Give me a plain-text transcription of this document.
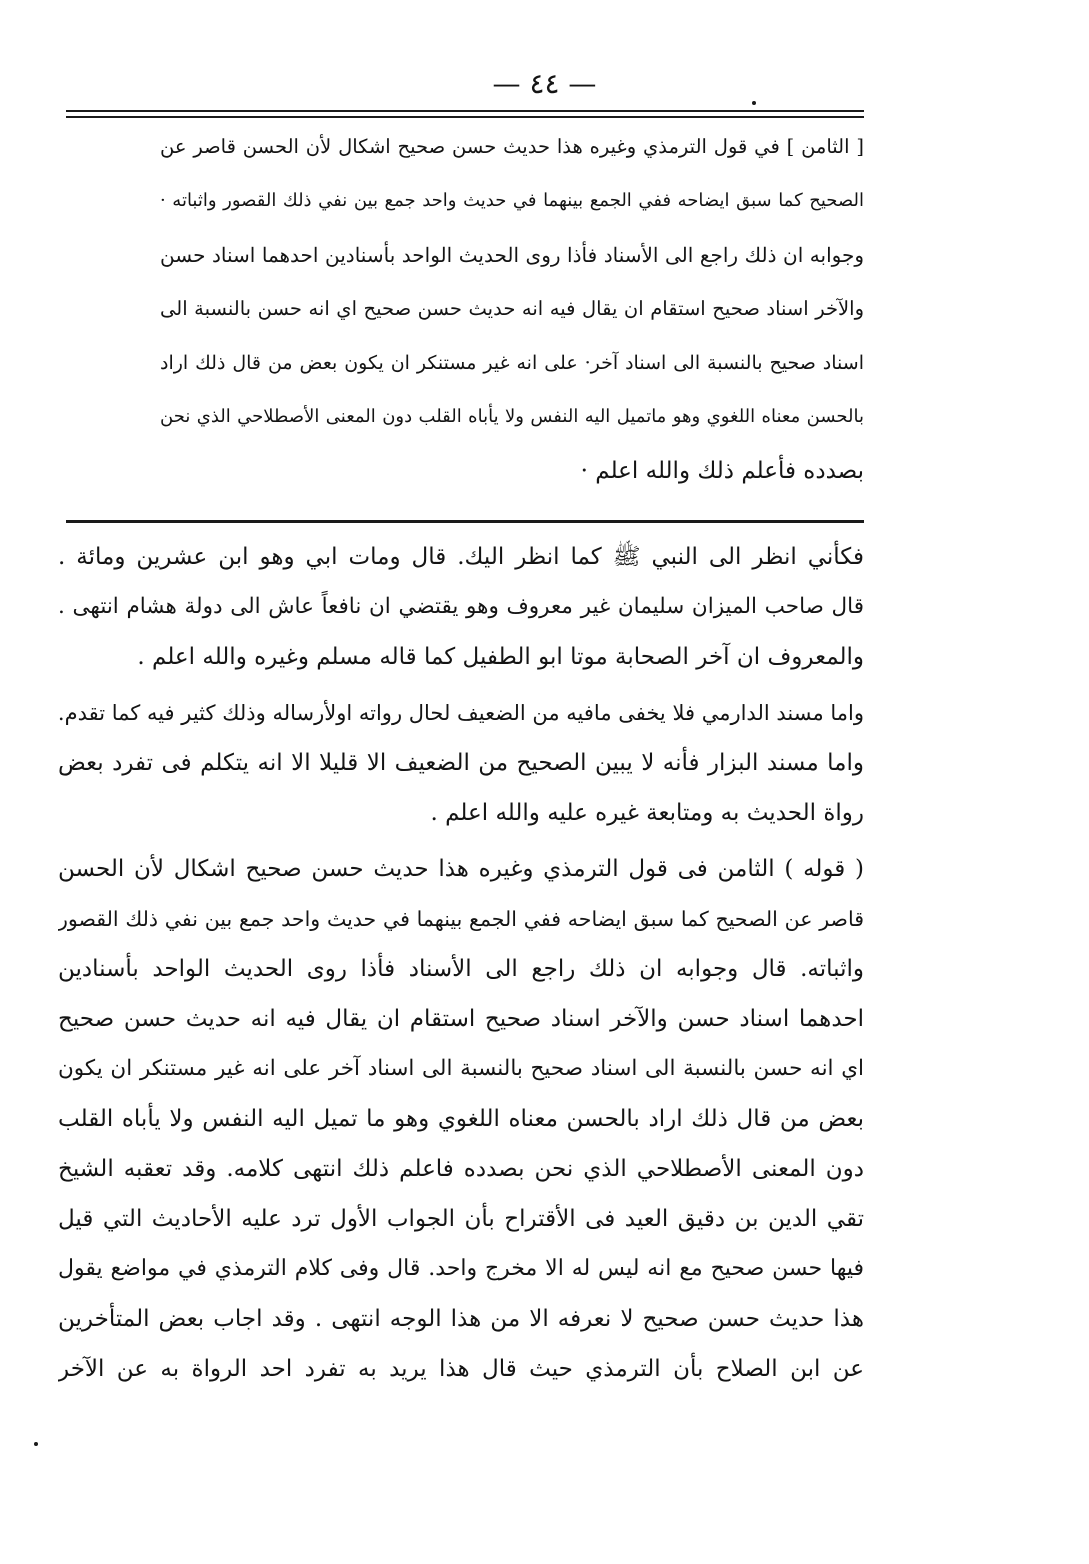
— ٤٤ —
[ الثامن ] في قول الترمذي وغيره هذا حديث حسن صحيح اشكال لأن الحسن قاصر عن
الصحيح كما سبق ايضاحه ففي الجمع بينهما في حديث واحد جمع بين نفي ذلك القصور واثباته ·
وجوابه ان ذلك راجع الى الأسناد فأذا روى الحديث الواحد بأسنادين احدهما اسناد حسن
والآخر اسناد صحيح استقام ان يقال فيه انه حديث حسن صحيح اي انه حسن بالنسبة الى
اسناد صحيح بالنسبة الى اسناد آخر· على انه غير مستنكر ان يكون بعض من قال ذلك اراد
بالحسن معناه اللغوي وهو ماتميل اليه النفس ولا يأباه القلب دون المعنى الأصطلاحي الذي نحن
بصدده فأعلم ذلك والله اعلم ·
فكأني انظر الى النبي ﷺ كما انظر اليك. قال ومات ابي وهو ابن عشرين ومائة .
قال صاحب الميزان سليمان غير معروف وهو يقتضي ان نافعاً عاش الى دولة هشام انتهى .
والمعروف ان آخر الصحابة موتا ابو الطفيل كما قاله مسلم وغيره والله اعلم .
واما مسند الدارمي فلا يخفى مافيه من الضعيف لحال رواته اولأرساله وذلك كثير فيه كما تقدم.
واما مسند البزار فأنه لا يبين الصحيح من الضعيف الا قليلا الا انه يتكلم فى تفرد بعض
رواة الحديث به ومتابعة غيره عليه والله اعلم .
( قوله ) الثامن فى قول الترمذي وغيره هذا حديث حسن صحيح اشكال لأن الحسن
قاصر عن الصحيح كما سبق ايضاحه ففي الجمع بينهما في حديث واحد جمع بين نفي ذلك القصور
واثباته. قال وجوابه ان ذلك راجع الى الأسناد فأذا روى الحديث الواحد بأسنادين
احدهما اسناد حسن والآخر اسناد صحيح استقام ان يقال فيه انه حديث حسن صحيح
اي انه حسن بالنسبة الى اسناد صحيح بالنسبة الى اسناد آخر على انه غير مستنكر ان يكون
بعض من قال ذلك اراد بالحسن معناه اللغوي وهو ما تميل اليه النفس ولا يأباه القلب
دون المعنى الأصطلاحي الذي نحن بصدده فاعلم ذلك انتهى كلامه. وقد تعقبه الشيخ
تقي الدين بن دقيق العيد فى الأقتراح بأن الجواب الأول ترد عليه الأحاديث التي قيل
فيها حسن صحيح مع انه ليس له الا مخرج واحد. قال وفى كلام الترمذي في مواضع يقول
هذا حديث حسن صحيح لا نعرفه الا من هذا الوجه انتهى . وقد اجاب بعض المتأخرين
عن ابن الصلاح بأن الترمذي حيث قال هذا يريد به تفرد احد الرواة به عن الآخر
